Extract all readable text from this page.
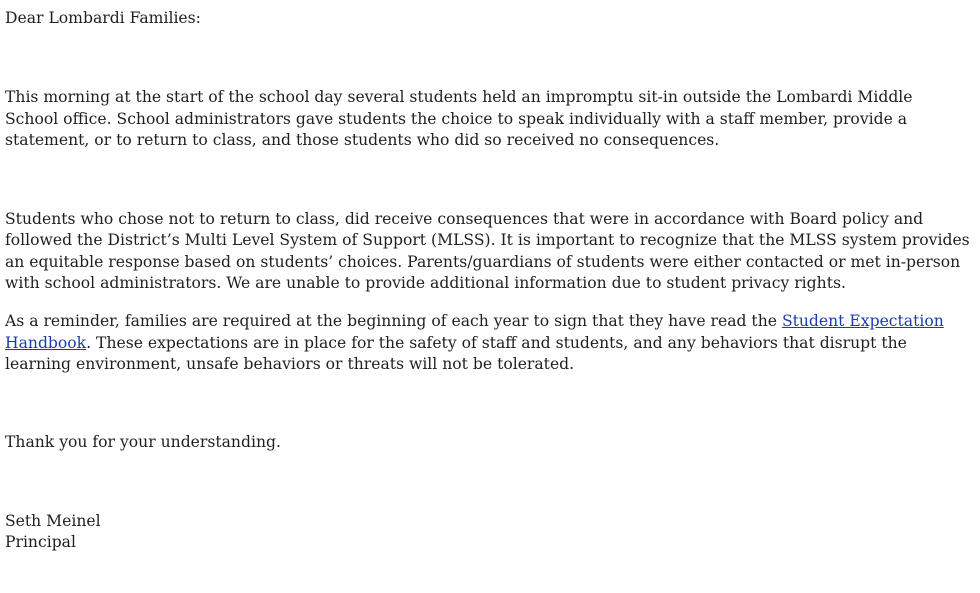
Dear Lombardi Families:

This morning at the start of the school day several students held an impromptu sit-in outside the Lombardi Middle School office. School administrators gave students the choice to speak individually with a staff member, provide a statement, or to return to class, and those students who did so received no consequences.

Students who chose not to return to class, did receive consequences that were in accordance with Board policy and followed the District’s Multi Level System of Support (MLSS). It is important to recognize that the MLSS system provides an equitable response based on students’ choices. Parents/guardians of students were either contacted or met in-person with school administrators. We are unable to provide additional information due to student privacy rights.

As a reminder, families are required at the beginning of each year to sign that they have read the Student Expectation Handbook. These expectations are in place for the safety of staff and students, and any behaviors that disrupt the learning environment, unsafe behaviors or threats will not be tolerated.

Thank you for your understanding.

Seth Meinel
Principal
